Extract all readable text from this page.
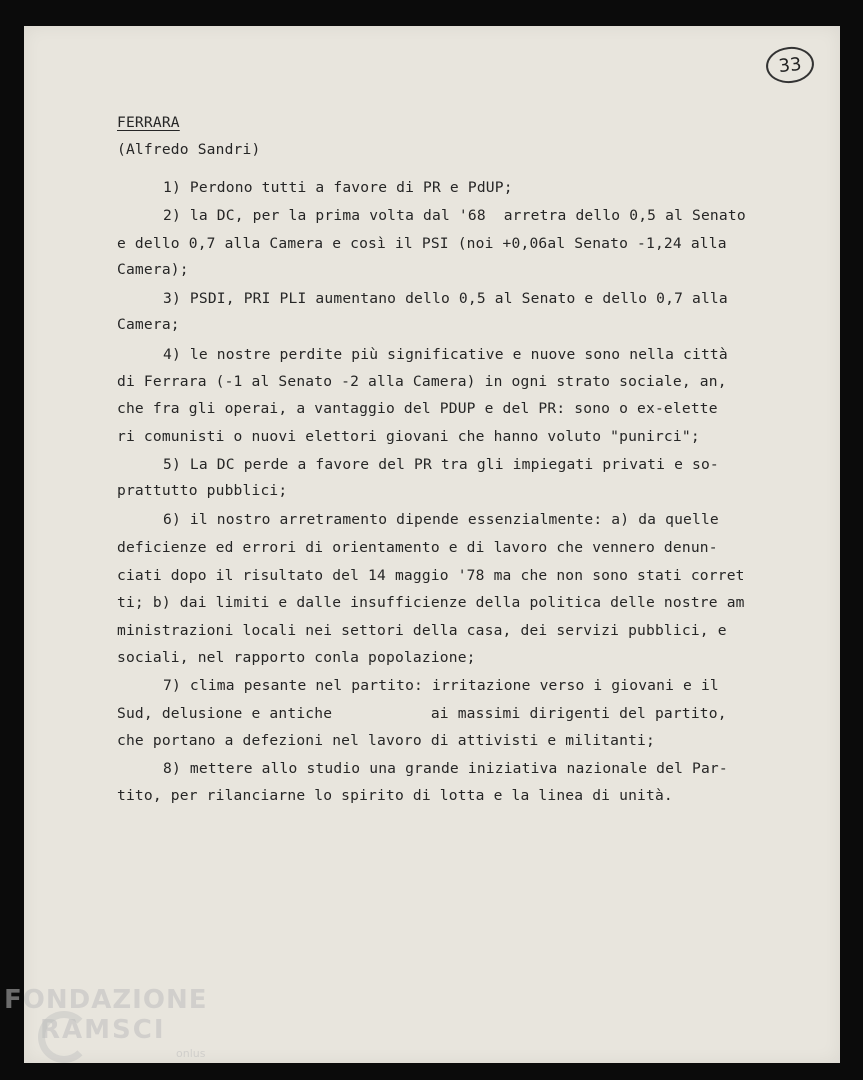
33
FERRARA
(Alfredo Sandri)
1) Perdono tutti a favore di PR e PdUP;
2) la DC, per la prima volta dal '68  arretra dello 0,5 al Senato
e dello 0,7 alla Camera e così il PSI (noi +0,06al Senato -1,24 alla
Camera);
3) PSDI, PRI PLI aumentano dello 0,5 al Senato e dello 0,7 alla
Camera;
4) le nostre perdite più significative e nuove sono nella città
di Ferrara (-1 al Senato -2 alla Camera) in ogni strato sociale, an,
che fra gli operai, a vantaggio del PDUP e del PR: sono o ex-elette
ri comunisti o nuovi elettori giovani che hanno voluto "punirci";
5) La DC perde a favore del PR tra gli impiegati privati e so-
prattutto pubblici;
6) il nostro arretramento dipende essenzialmente: a) da quelle
deficienze ed errori di orientamento e di lavoro che vennero denun-
ciati dopo il risultato del 14 maggio '78 ma che non sono stati corret
ti; b) dai limiti e dalle insufficienze della politica delle nostre am
ministrazioni locali nei settori della casa, dei servizi pubblici, e
sociali, nel rapporto conla popolazione;
7) clima pesante nel partito: irritazione verso i giovani e il
Sud, delusione e antiche           ai massimi dirigenti del partito,
che portano a defezioni nel lavoro di attivisti e militanti;
8) mettere allo studio una grande iniziativa nazionale del Par-
tito, per rilanciarne lo spirito di lotta e la linea di unità.
FONDAZIONE
RAMSCI
onlus
